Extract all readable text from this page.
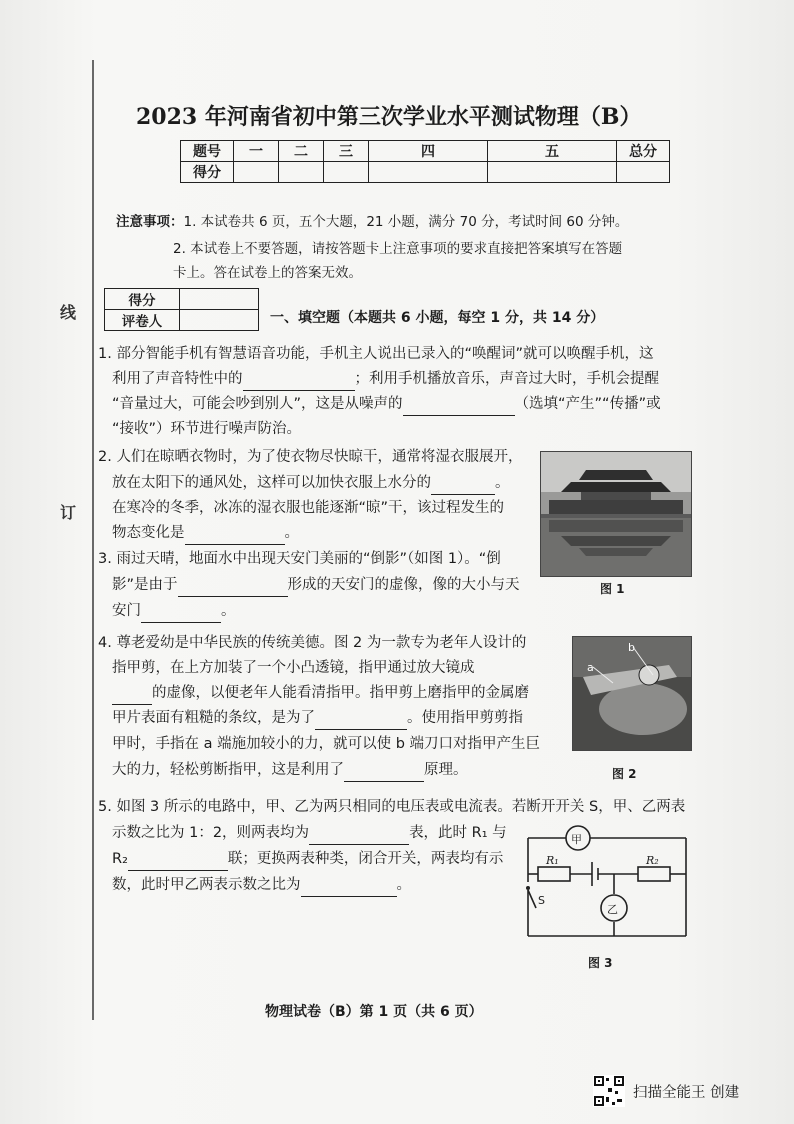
线
订
2023 年河南省初中第三次学业水平测试物理（B）
题号	一	二	三	四	五	总分
得分						
注意事项：1. 本试卷共 6 页，五个大题，21 小题，满分 70 分，考试时间 60 分钟。
2. 本试卷上不要答题，请按答题卡上注意事项的要求直接把答案填写在答题
卡上。答在试卷上的答案无效。
得分	
评卷人		一、填空题（本题共 6 小题，每空 1 分，共 14 分）
1. 部分智能手机有智慧语音功能，手机主人说出已录入的“唤醒词”就可以唤醒手机，这
利用了声音特性中的	；利用手机播放音乐，声音过大时，手机会提醒
“音量过大，可能会吵到别人”，这是从噪声的	（选填“产生”“传播”或
“接收”）环节进行噪声防治。
2. 人们在晾晒衣物时，为了使衣物尽快晾干，通常将湿衣服展开，
放在太阳下的通风处，这样可以加快衣服上水分的	。
在寒冷的冬季，冰冻的湿衣服也能逐渐“晾”干，该过程发生的
物态变化是	。
图 1
3. 雨过天晴，地面水中出现天安门美丽的“倒影”（如图 1）。“倒
影”是由于	形成的天安门的虚像，像的大小与天
安门	。
4. 尊老爱幼是中华民族的传统美德。图 2 为一款专为老年人设计的
指甲剪，在上方加装了一个小凸透镜，指甲通过放大镜成
的虚像，以便老年人能看清指甲。指甲剪上磨指甲的金属磨
甲片表面有粗糙的条纹，是为了	。使用指甲剪剪指
甲时，手指在 a 端施加较小的力，就可以使 b 端刀口对指甲产生巨
大的力，轻松剪断指甲，这是利用了	原理。
b
a
图 2
5. 如图 3 所示的电路中，甲、乙为两只相同的电压表或电流表。若断开开关 S，甲、乙两表
示数之比为 1：2，则两表均为	表，此时 R₁ 与
R₂	联；更换两表种类，闭合开关，两表均有示
数，此时甲乙两表示数之比为	。
甲
乙
R₁	R₂
S
图 3
物理试卷（B）第 1 页（共 6 页）
扫描全能王 创建
